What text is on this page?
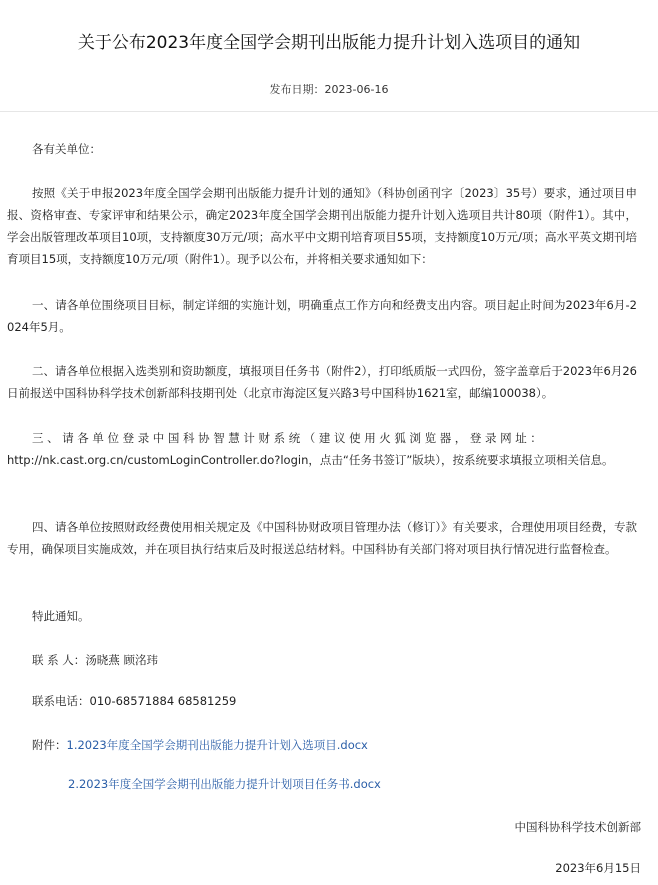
关于公布2023年度全国学会期刊出版能力提升计划入选项目的通知
发布日期：2023-06-16
各有关单位：

按照《关于申报2023年度全国学会期刊出版能力提升计划的通知》（科协创函刊字〔2023〕35号）要求，通过项目申报、资格审查、专家评审和结果公示，确定2023年度全国学会期刊出版能力提升计划入选项目共计80项（附件1）。其中，学会出版管理改革项目10项，支持额度30万元/项；高水平中文期刊培育项目55项，支持额度10万元/项；高水平英文期刊培育项目15项，支持额度10万元/项（附件1）。现予以公布，并将相关要求通知如下：

一、请各单位围绕项目目标，制定详细的实施计划，明确重点工作方向和经费支出内容。项目起止时间为2023年6月-2024年5月。

二、请各单位根据入选类别和资助额度，填报项目任务书（附件2），打印纸质版一式四份，签字盖章后于2023年6月26日前报送中国科协科学技术创新部科技期刊处（北京市海淀区复兴路3号中国科协1621室，邮编100038）。

三、请各单位登录中国科协智慧计财系统（建议使用火狐浏览器，登录网址：

http://nk.cast.org.cn/customLoginController.do?login，点击“任务书签订”版块），按系统要求填报立项相关信息。

四、请各单位按照财政经费使用相关规定及《中国科协财政项目管理办法（修订）》有关要求，合理使用项目经费，专款专用，确保项目实施成效，并在项目执行结束后及时报送总结材料。中国科协有关部门将对项目执行情况进行监督检查。

特此通知。
联 系 人：汤晓燕 顾洺玮
联系电话：010-68571884 68581259
附件：1.2023年度全国学会期刊出版能力提升计划入选项目.docx
2.2023年度全国学会期刊出版能力提升计划项目任务书.docx
中国科协科学技术创新部
2023年6月15日
